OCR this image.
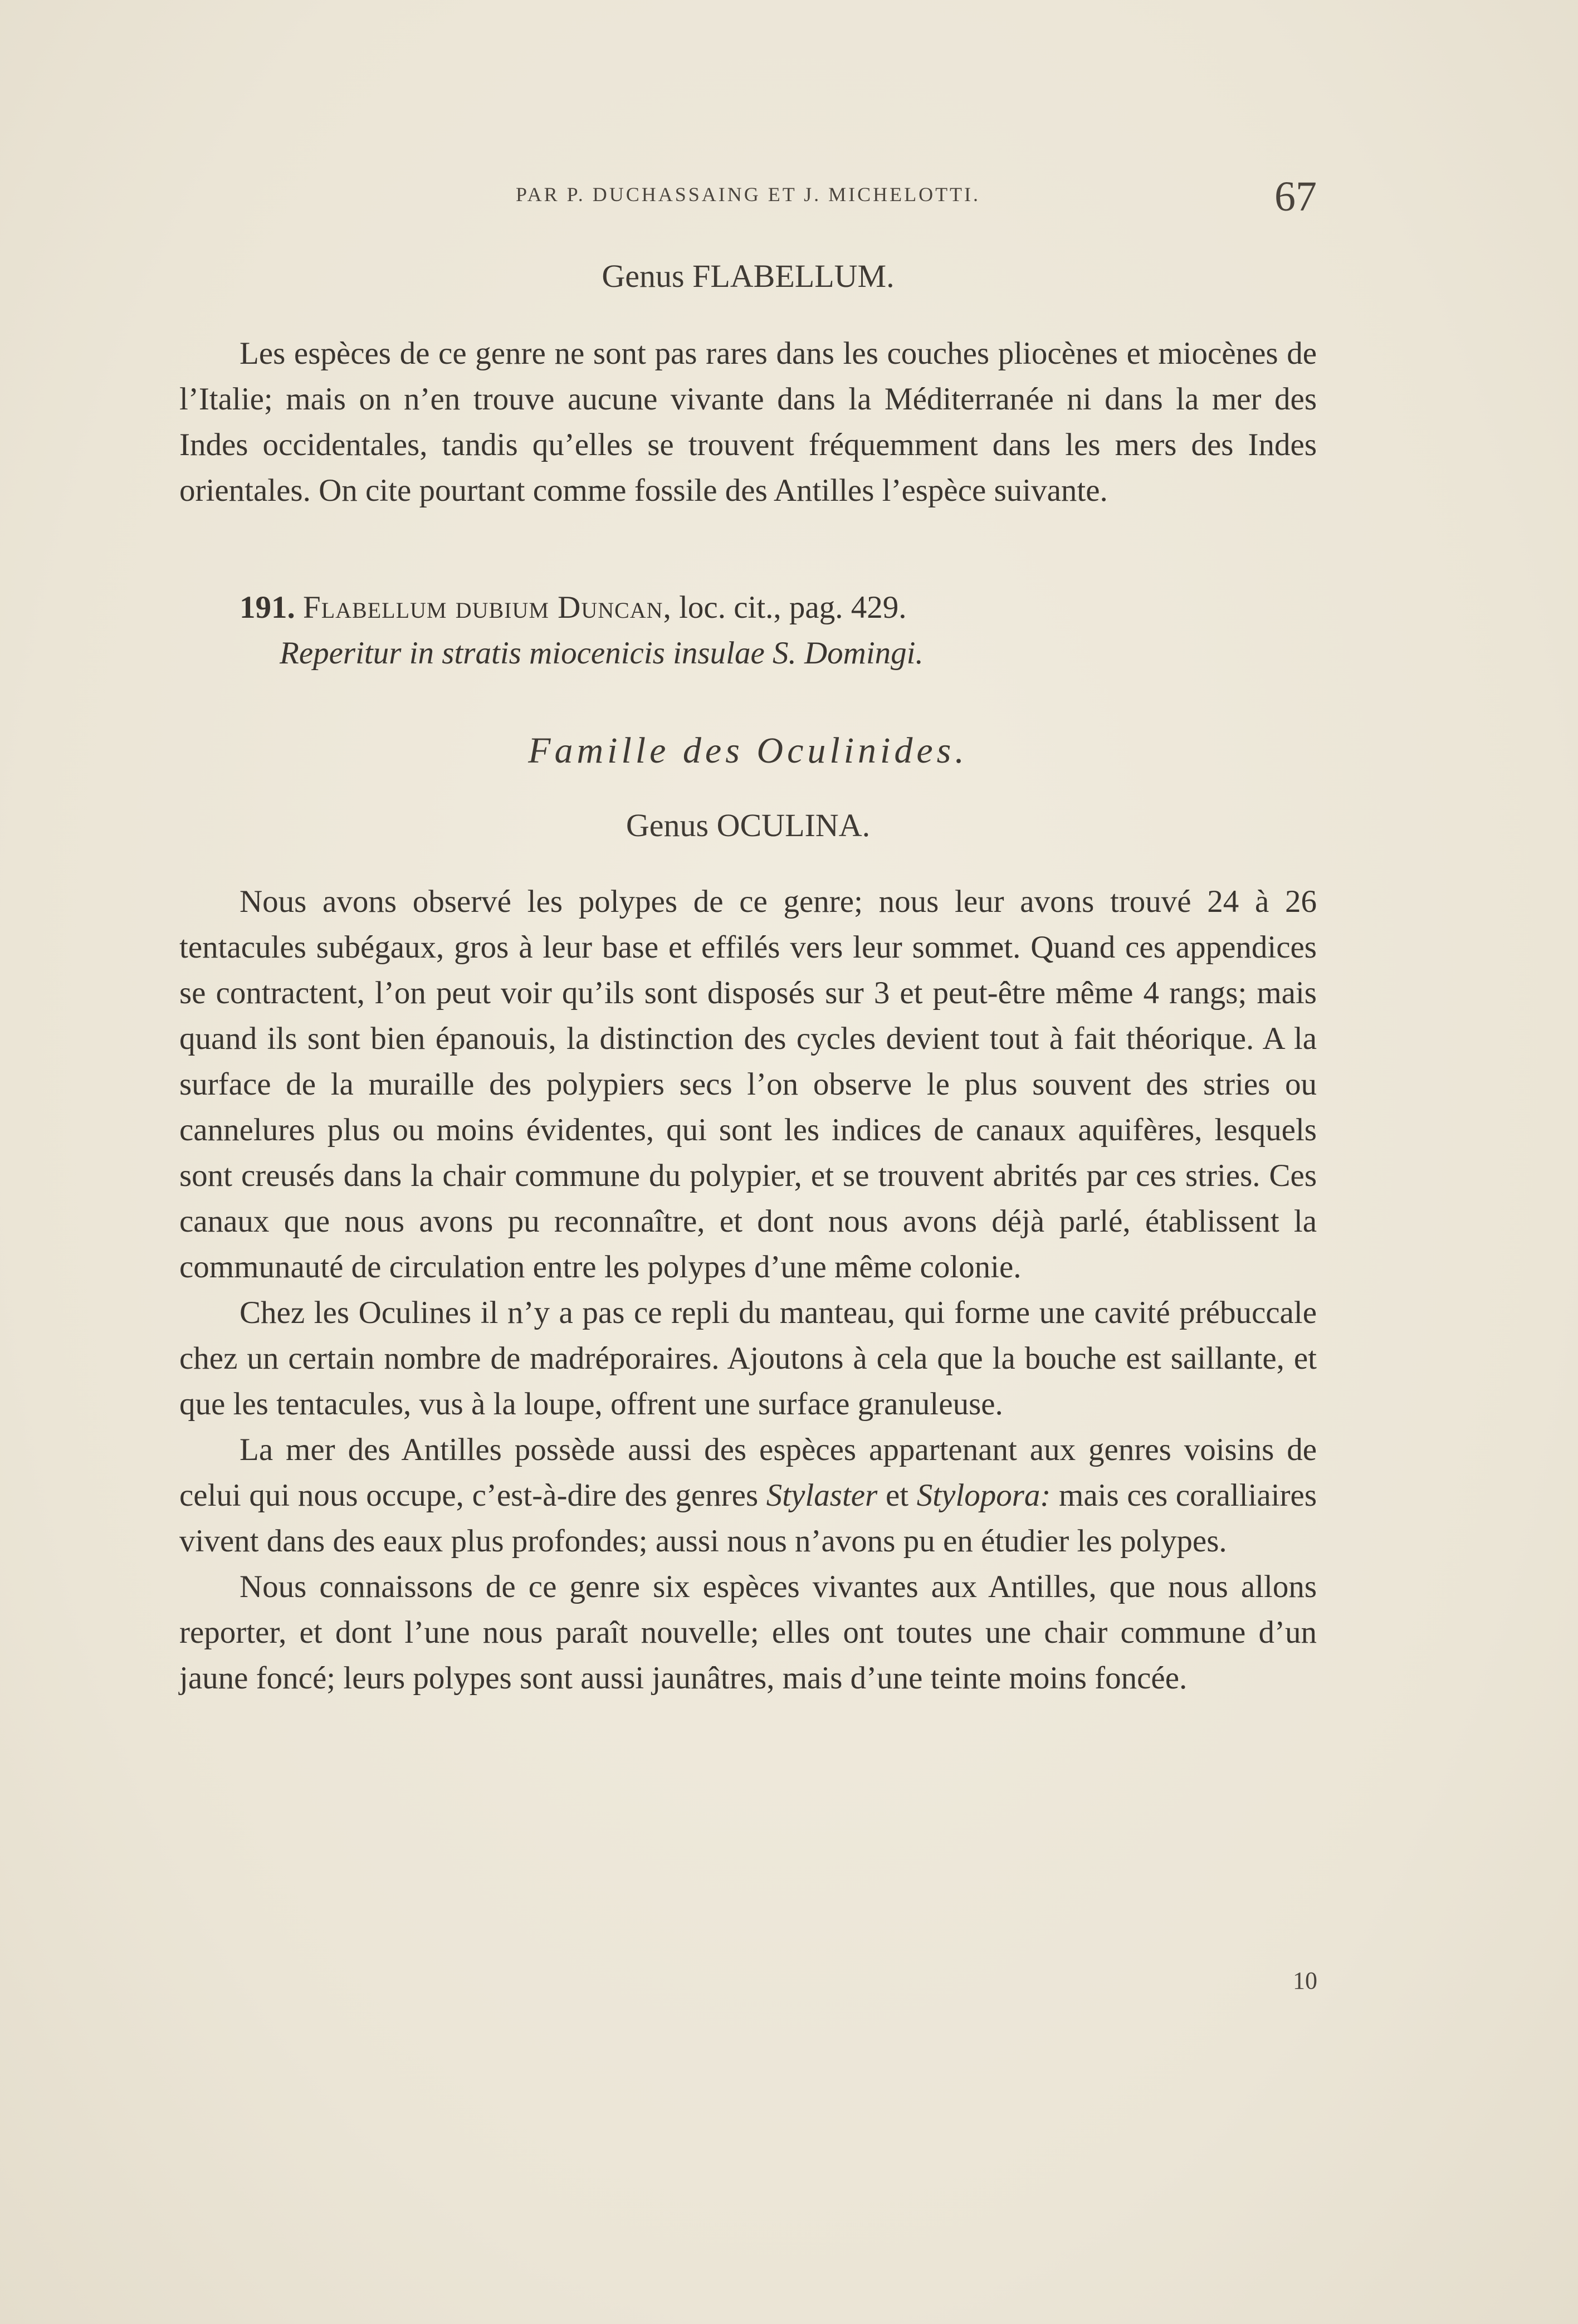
PAR P. DUCHASSAING ET J. MICHELOTTI.	67
Genus FLABELLUM.

Les espèces de ce genre ne sont pas rares dans les couches pliocènes et miocènes de l’Italie; mais on n’en trouve aucune vivante dans la Méditerranée ni dans la mer des Indes occidentales, tandis qu’elles se trouvent fréquemment dans les mers des Indes orientales. On cite pourtant comme fossile des Antilles l’espèce suivante.

191. Flabellum dubium Duncan, loc. cit., pag. 429.
Reperitur in stratis miocenicis insulae S. Domingi.
Famille des Oculinides.
Genus OCULINA.

Nous avons observé les polypes de ce genre; nous leur avons trouvé 24 à 26 tentacules subégaux, gros à leur base et effilés vers leur sommet. Quand ces appendices se contractent, l’on peut voir qu’ils sont disposés sur 3 et peut-être même 4 rangs; mais quand ils sont bien épanouis, la distinction des cycles devient tout à fait théorique. A la surface de la muraille des polypiers secs l’on observe le plus souvent des stries ou cannelures plus ou moins évidentes, qui sont les indices de canaux aquifères, lesquels sont creusés dans la chair commune du polypier, et se trouvent abrités par ces stries. Ces canaux que nous avons pu reconnaître, et dont nous avons déjà parlé, établissent la communauté de circulation entre les polypes d’une même colonie.

Chez les Oculines il n’y a pas ce repli du manteau, qui forme une cavité prébuccale chez un certain nombre de madréporaires. Ajoutons à cela que la bouche est saillante, et que les tentacules, vus à la loupe, offrent une surface granuleuse.

La mer des Antilles possède aussi des espèces appartenant aux genres voisins de celui qui nous occupe, c’est-à-dire des genres Stylaster et Stylopora: mais ces coralliaires vivent dans des eaux plus profondes; aussi nous n’avons pu en étudier les polypes.

Nous connaissons de ce genre six espèces vivantes aux Antilles, que nous allons reporter, et dont l’une nous paraît nouvelle; elles ont toutes une chair commune d’un jaune foncé; leurs polypes sont aussi jaunâtres, mais d’une teinte moins foncée.

10
